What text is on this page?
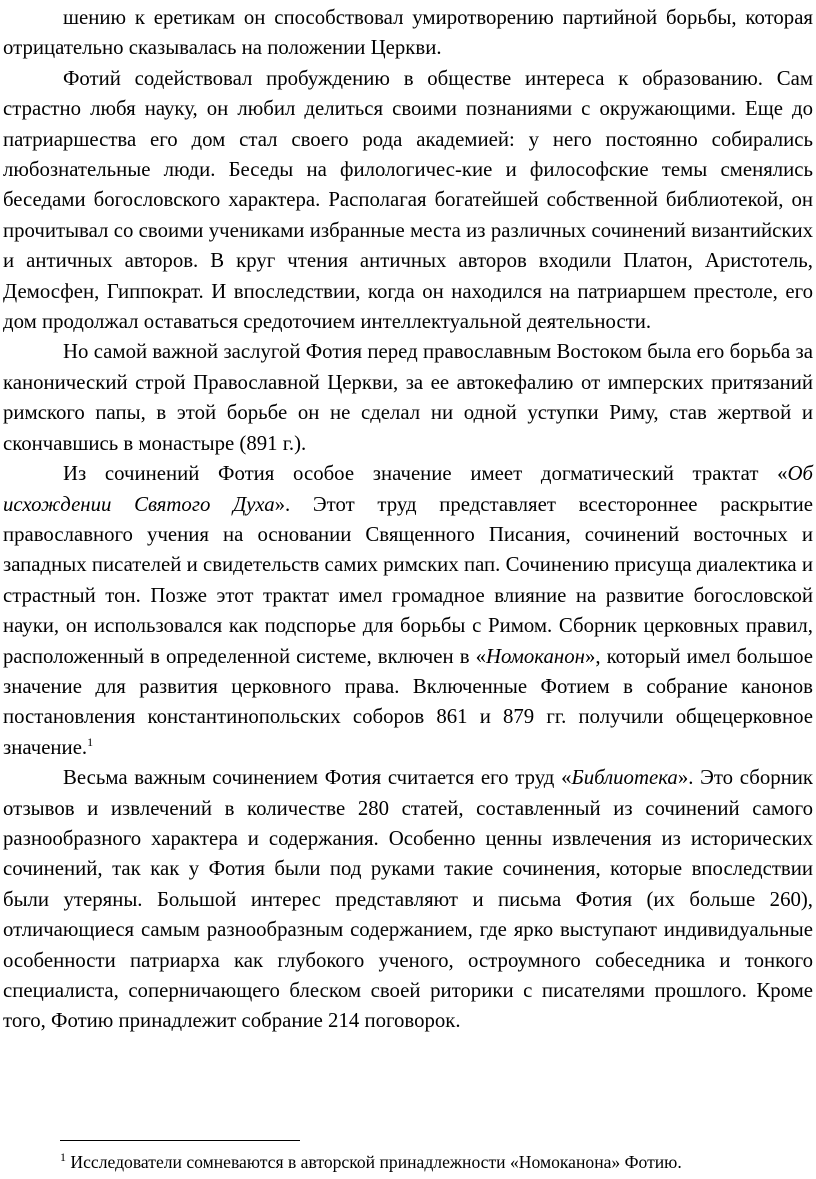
шению к еретикам он способствовал умиротворению партийной борьбы, которая отрицательно сказывалась на положении Церкви.

Фотий содействовал пробуждению в обществе интереса к образованию. Сам страстно любя науку, он любил делиться своими познаниями с окружающими. Еще до патриаршества его дом стал своего рода академией: у него постоянно собирались любознательные люди. Беседы на филологичес-кие и философские темы сменялись беседами богословского характера. Располагая богатейшей собственной библиотекой, он прочитывал со своими учениками избранные места из различных сочинений византийских и античных авторов. В круг чтения античных авторов входили Платон, Аристотель, Демосфен, Гиппократ. И впоследствии, когда он находился на патриаршем престоле, его дом продолжал оставаться средоточием интеллектуальной деятельности.

Но самой важной заслугой Фотия перед православным Востоком была его борьба за канонический строй Православной Церкви, за ее автокефалию от имперских притязаний римского папы, в этой борьбе он не сделал ни одной уступки Риму, став жертвой и скончавшись в монастыре (891 г.).

Из сочинений Фотия особое значение имеет догматический трактат «Об исхождении Святого Духа». Этот труд представляет всестороннее раскрытие православного учения на основании Священного Писания, сочинений восточных и западных писателей и свидетельств самих римских пап. Сочинению присуща диалектика и страстный тон. Позже этот трактат имел громадное влияние на развитие богословской науки, он использовался как подспорье для борьбы с Римом. Сборник церковных правил, расположенный в определенной системе, включен в «Номоканон», который имел большое значение для развития церковного права. Включенные Фотием в собрание канонов постановления константинопольских соборов 861 и 879 гг. получили общецерковное значение.$^1$

Весьма важным сочинением Фотия считается его труд «Библиотека». Это сборник отзывов и извлечений в количестве 280 статей, составленный из сочинений самого разнообразного характера и содержания. Особенно ценны извлечения из исторических сочинений, так как у Фотия были под руками такие сочинения, которые впоследствии были утеряны. Большой интерес представляют и письма Фотия (их больше 260), отличающиеся самым разнообразным содержанием, где ярко выступают индивидуальные особенности патриарха как глубокого ученого, остроумного собеседника и тонкого специалиста, соперничающего блеском своей риторики с писателями прошлого. Кроме того, Фотию принадлежит собрание 214 поговорок.

$^1$ Исследователи сомневаются в авторской принадлежности «Номоканона» Фотию.
